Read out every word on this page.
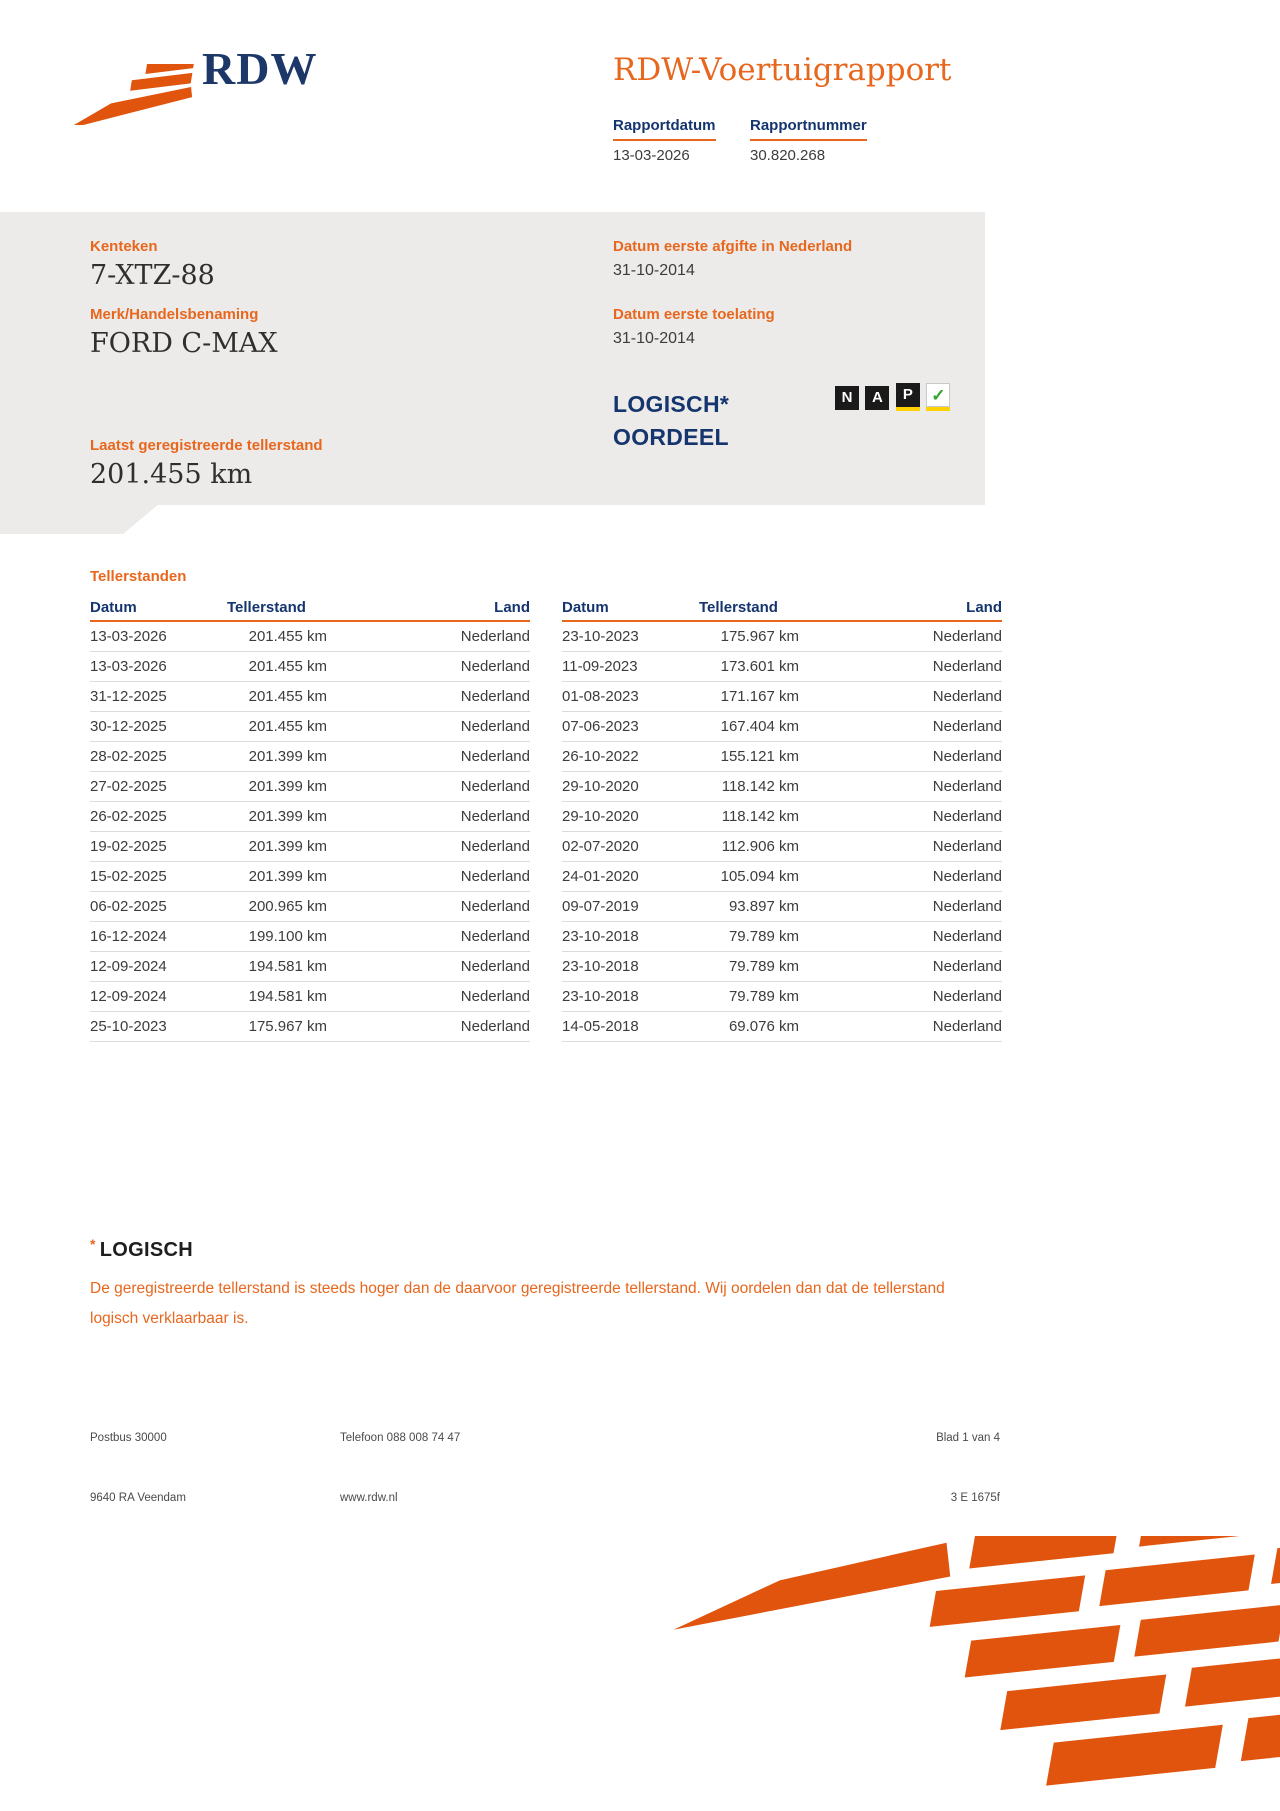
RDW	RDW-Voertuigrapport
Rapportdatum Rapportnummer
13-03-2026	30.820.268
Kenteken
7-XTZ-88
Merk/Handelsbenaming
FORD C-MAX
Datum eerste afgifte in Nederland
31-10-2014
Datum eerste toelating
31-10-2014
LOGISCH*
OORDEEL
N A P ✓
Laatst geregistreerde tellerstand
201.455 km
Tellerstanden
Datum	Tellerstand	Land
13-03-2026	201.455 km	Nederland
13-03-2026	201.455 km	Nederland
31-12-2025	201.455 km	Nederland
30-12-2025	201.455 km	Nederland
28-02-2025	201.399 km	Nederland
27-02-2025	201.399 km	Nederland
26-02-2025	201.399 km	Nederland
19-02-2025	201.399 km	Nederland
15-02-2025	201.399 km	Nederland
06-02-2025	200.965 km	Nederland
16-12-2024	199.100 km	Nederland
12-09-2024	194.581 km	Nederland
12-09-2024	194.581 km	Nederland
25-10-2023	175.967 km	Nederland
Datum	Tellerstand	Land
23-10-2023	175.967 km	Nederland
11-09-2023	173.601 km	Nederland
01-08-2023	171.167 km	Nederland
07-06-2023	167.404 km	Nederland
26-10-2022	155.121 km	Nederland
29-10-2020	118.142 km	Nederland
29-10-2020	118.142 km	Nederland
02-07-2020	112.906 km	Nederland
24-01-2020	105.094 km	Nederland
09-07-2019	93.897 km	Nederland
23-10-2018	79.789 km	Nederland
23-10-2018	79.789 km	Nederland
23-10-2018	79.789 km	Nederland
14-05-2018	69.076 km	Nederland
* LOGISCH
De geregistreerde tellerstand is steeds hoger dan de daarvoor geregistreerde tellerstand. Wij oordelen dan dat de tellerstand logisch verklaarbaar is.
Postbus 30000	Telefoon 088 008 74 47	Blad 1 van 4
9640 RA Veendam	www.rdw.nl	3 E 1675f
